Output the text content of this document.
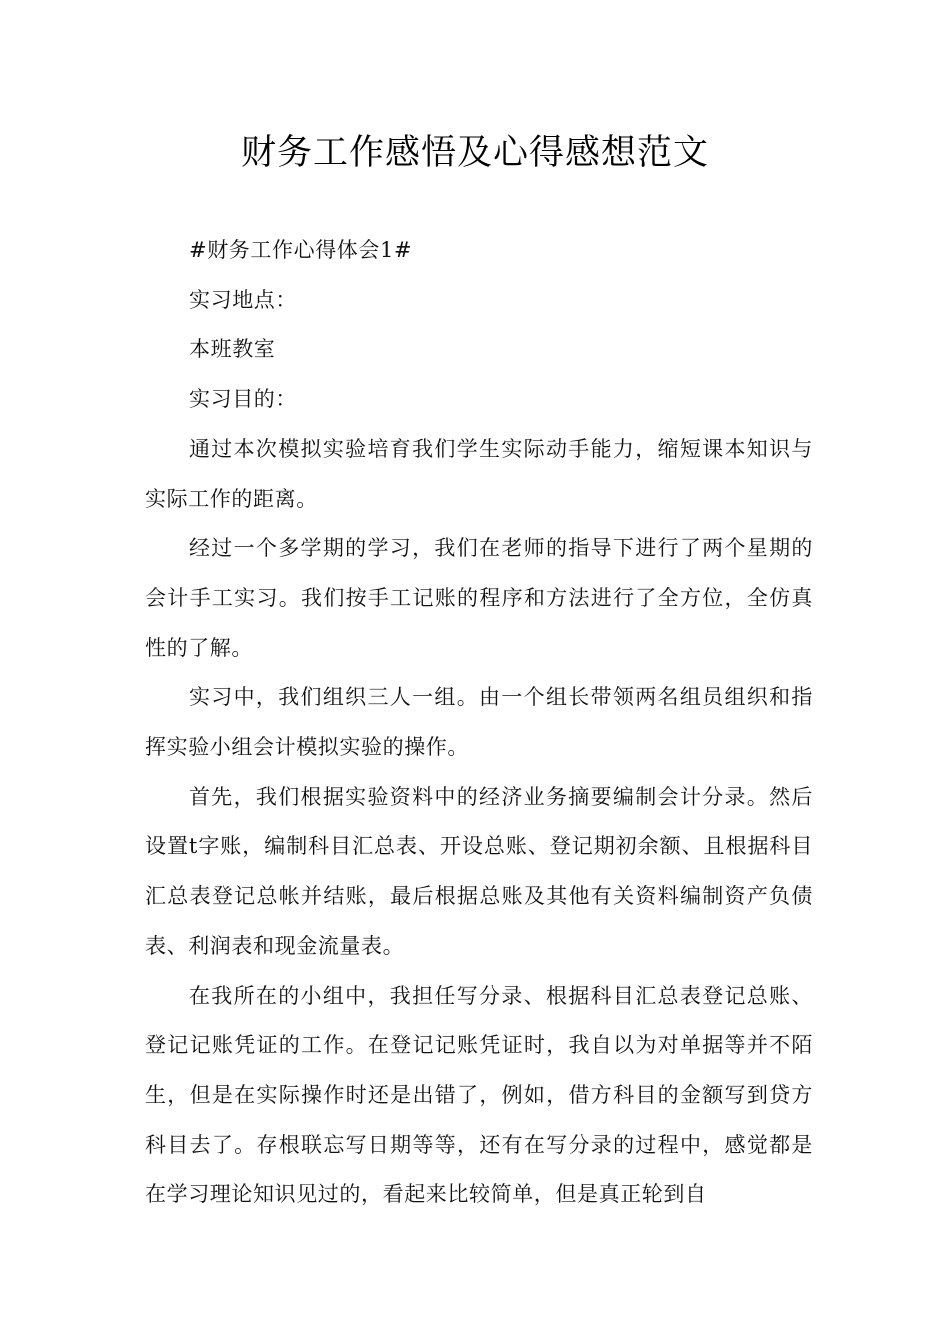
财务工作感悟及心得感想范文

#财务工作心得体会1#

实习地点：

本班教室

实习目的：

通过本次模拟实验培育我们学生实际动手能力，缩短课本知识与实际工作的距离。

经过一个多学期的学习，我们在老师的指导下进行了两个星期的会计手工实习。我们按手工记账的程序和方法进行了全方位，全仿真性的了解。

实习中，我们组织三人一组。由一个组长带领两名组员组织和指挥实验小组会计模拟实验的操作。

首先，我们根据实验资料中的经济业务摘要编制会计分录。然后设置t字账，编制科目汇总表、开设总账、登记期初余额、且根据科目汇总表登记总帐并结账，最后根据总账及其他有关资料编制资产负债表、利润表和现金流量表。

在我所在的小组中，我担任写分录、根据科目汇总表登记总账、登记记账凭证的工作。在登记记账凭证时，我自以为对单据等并不陌生，但是在实际操作时还是出错了，例如，借方科目的金额写到贷方科目去了。存根联忘写日期等等，还有在写分录的过程中，感觉都是在学习理论知识见过的，看起来比较简单，但是真正轮到自
